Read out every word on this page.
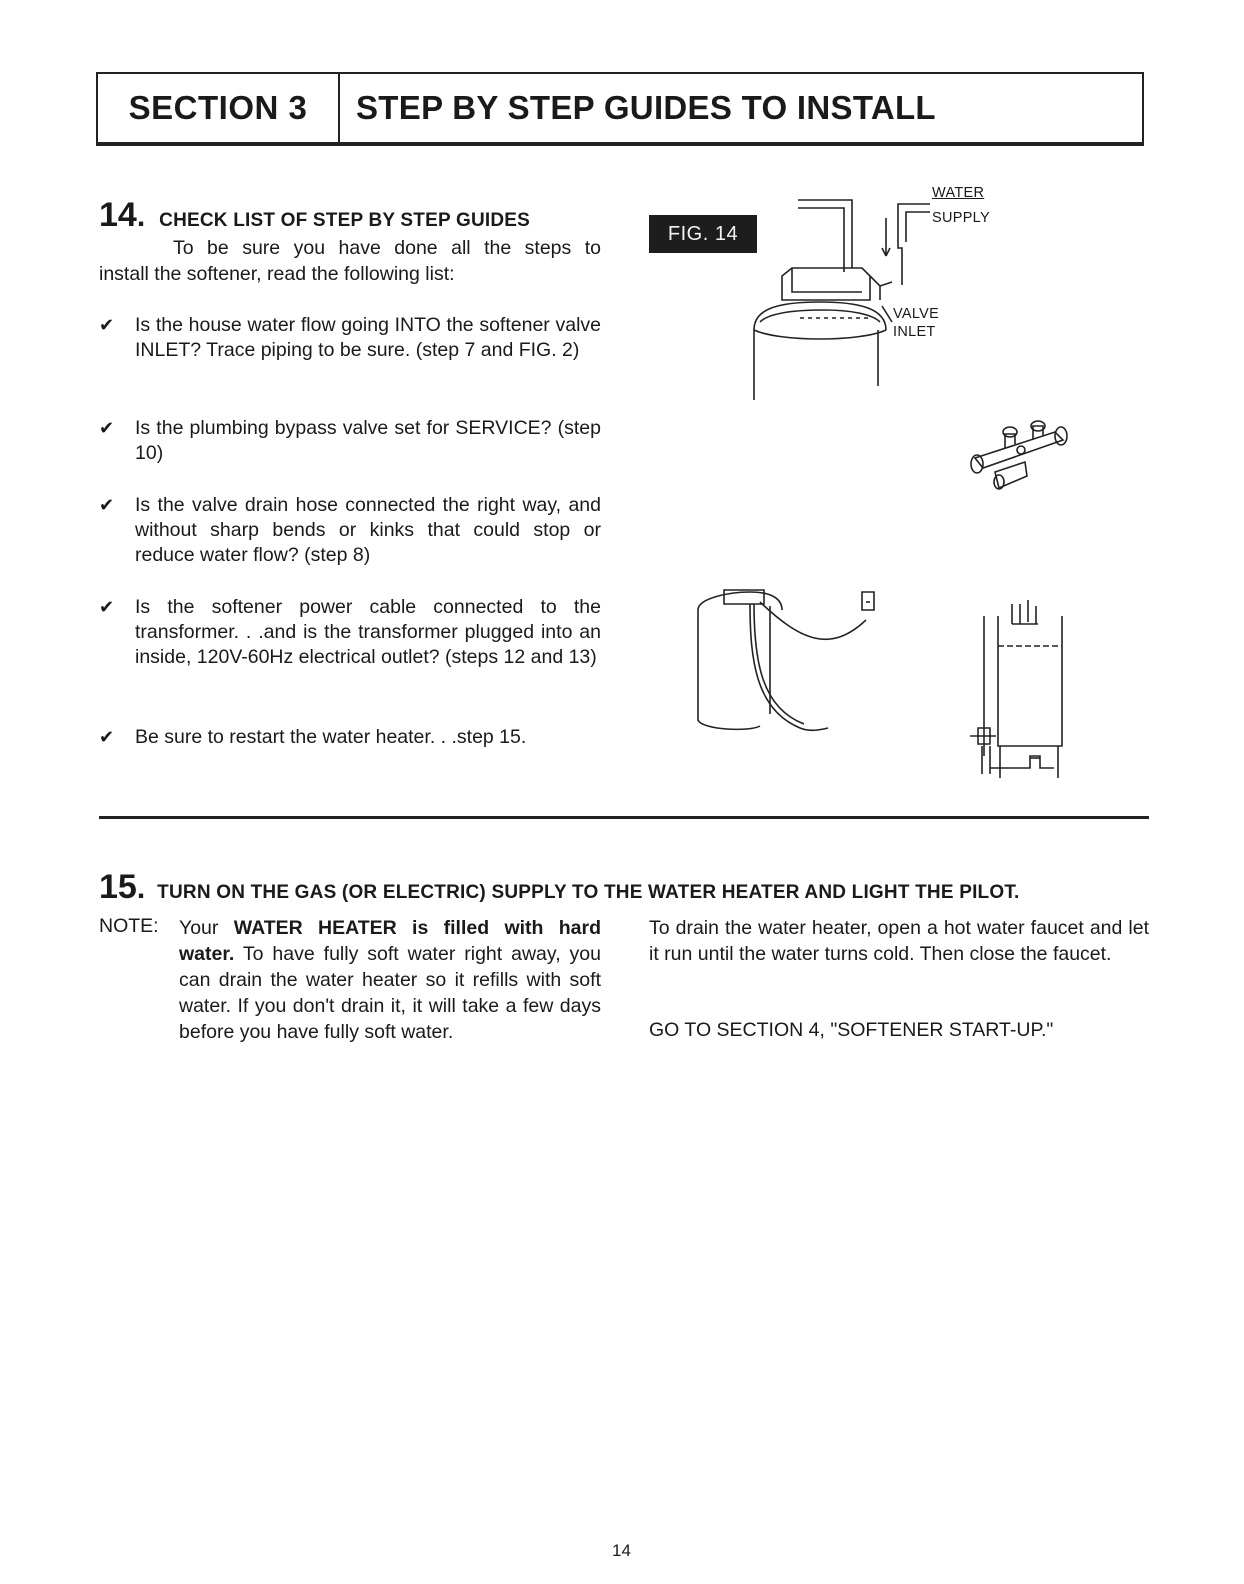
SECTION 3	STEP BY STEP GUIDES TO INSTALL
14. CHECK LIST OF STEP BY STEP GUIDES
To be sure you have done all the steps to
install the softener, read the following list:
✔	Is the house water flow going INTO the softener valve INLET? Trace piping to be sure. (step 7 and FIG. 2)
✔	Is the plumbing bypass valve set for SERVICE? (step 10)
✔	Is the valve drain hose connected the right way, and without sharp bends or kinks that could stop or reduce water flow? (step 8)
✔	Is the softener power cable connected to the transformer. . .and is the transformer plugged into an inside, 120V-60Hz electrical outlet? (steps 12 and 13)
✔	Be sure to restart the water heater. . .step 15.
FIG. 14
WATER
SUPPLY
VALVE
INLET
15. TURN ON THE GAS (OR ELECTRIC) SUPPLY TO THE WATER HEATER AND LIGHT THE PILOT.
NOTE: Your WATER HEATER is filled with hard water. To have fully soft water right away, you can drain the water heater so it refills with soft water. If you don't drain it, it will take a few days before you have fully soft water.
To drain the water heater, open a hot water faucet and let it run until the water turns cold. Then close the faucet.
GO TO SECTION 4, "SOFTENER START-UP."
14
